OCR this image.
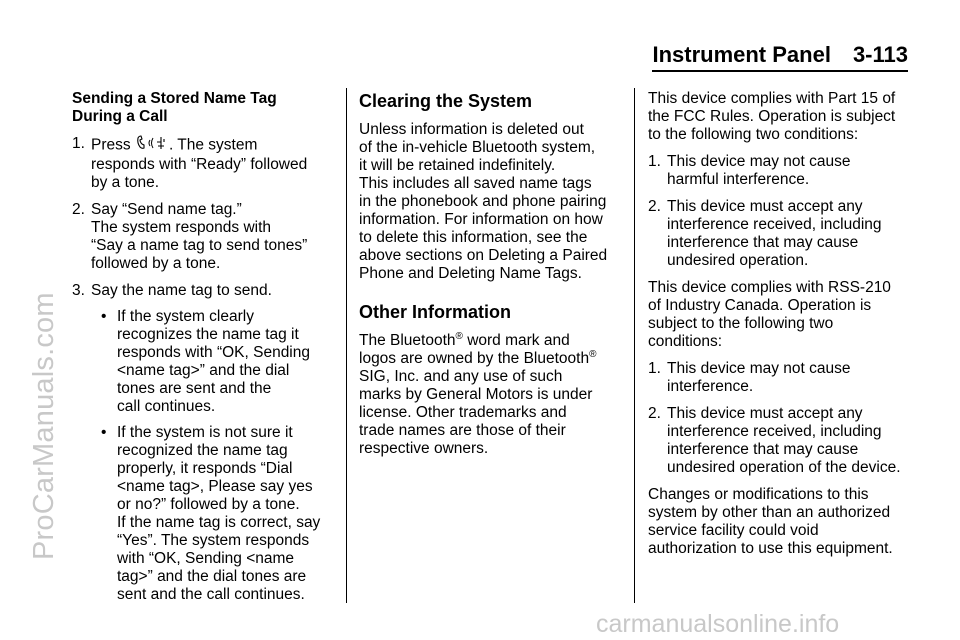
ProCarManuals.com
carmanualsonline.info
Instrument Panel 3-113

Sending a Stored Name Tag
During a Call

1. Press . The system
responds with “Ready” followed
by a tone.
2. Say “Send name tag.”
The system responds with
“Say a name tag to send tones”
followed by a tone.
3. Say the name tag to send.
• If the system clearly
recognizes the name tag it
responds with “OK, Sending
<name tag>” and the dial
tones are sent and the
call continues.
• If the system is not sure it
recognized the name tag
properly, it responds “Dial
<name tag>, Please say yes
or no?” followed by a tone.
If the name tag is correct, say
“Yes”. The system responds
with “OK, Sending <name
tag>” and the dial tones are
sent and the call continues.
Clearing the System

Unless information is deleted out
of the in-vehicle Bluetooth system,
it will be retained indefinitely.
This includes all saved name tags
in the phonebook and phone pairing
information. For information on how
to delete this information, see the
above sections on Deleting a Paired
Phone and Deleting Name Tags.

Other Information

The Bluetooth® word mark and
logos are owned by the Bluetooth®
SIG, Inc. and any use of such
marks by General Motors is under
license. Other trademarks and
trade names are those of their
respective owners.

This device complies with Part 15 of
the FCC Rules. Operation is subject
to the following two conditions:

1. This device may not cause
harmful interference.
2. This device must accept any
interference received, including
interference that may cause
undesired operation.

This device complies with RSS-210
of Industry Canada. Operation is
subject to the following two
conditions:

1. This device may not cause
interference.
2. This device must accept any
interference received, including
interference that may cause
undesired operation of the device.

Changes or modifications to this
system by other than an authorized
service facility could void
authorization to use this equipment.
